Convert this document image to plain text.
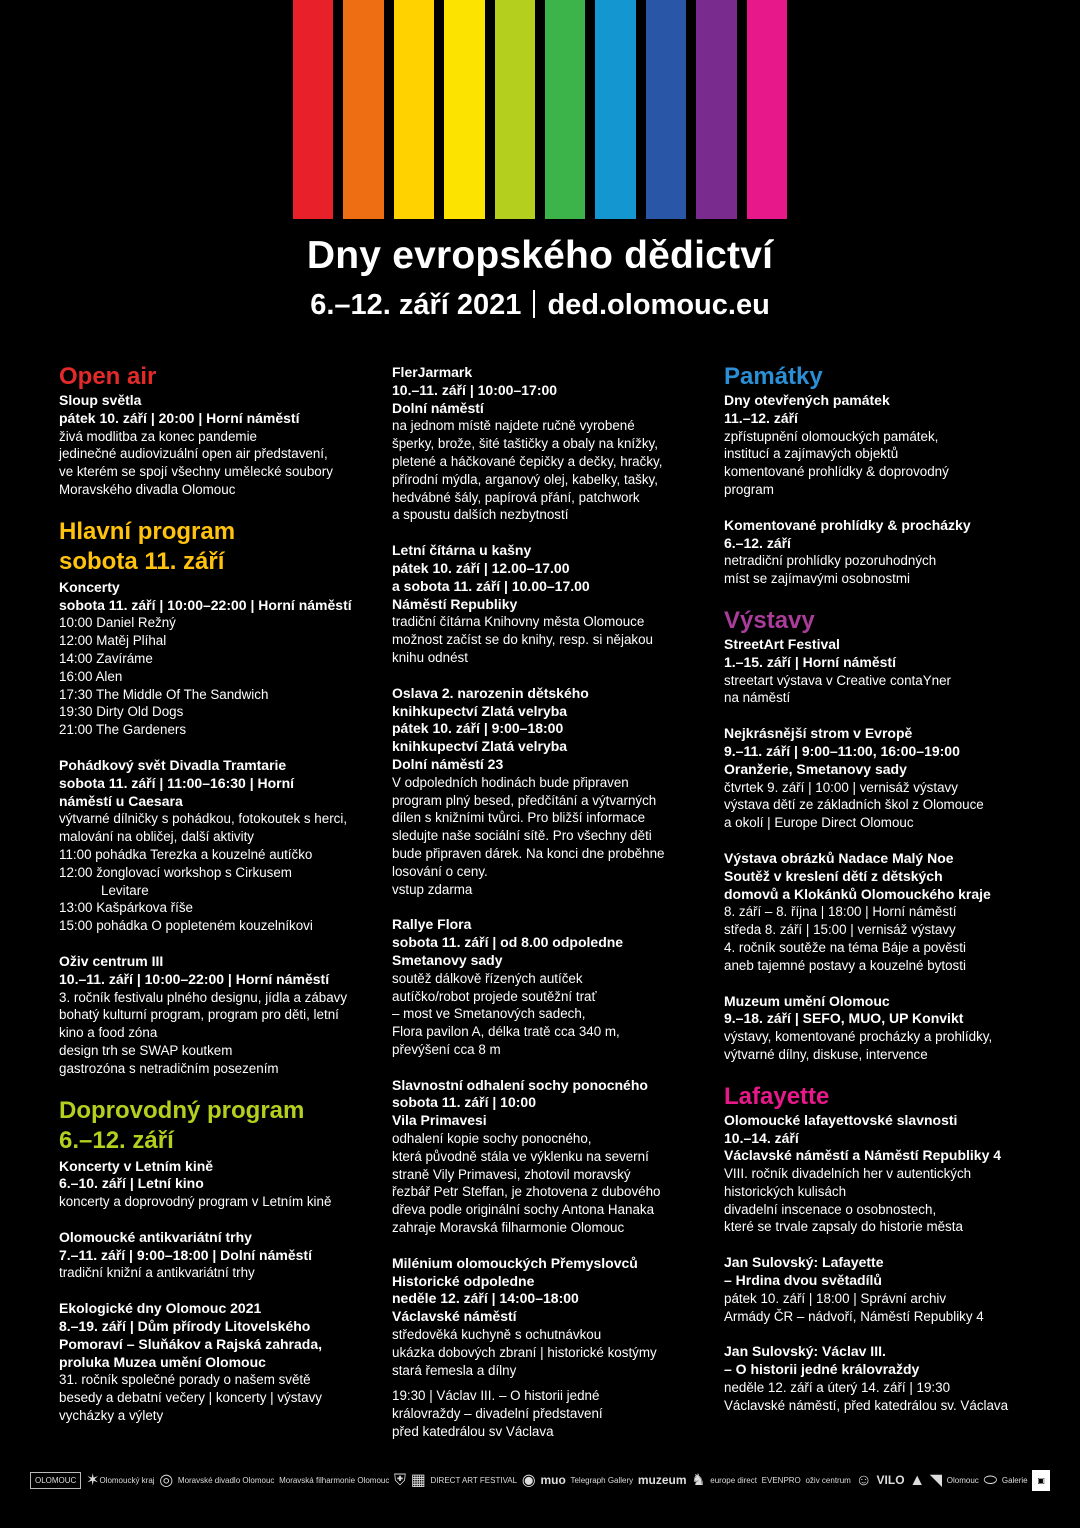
Dny evropského dědictví
6.–12. září 2021 ded.olomouc.eu
Open air
Sloup světla
pátek 10. září | 20:00 | Horní náměstí
živá modlitba za konec pandemie
jedinečné audiovizuální open air představení,
ve kterém se spojí všechny umělecké soubory
Moravského divadla Olomouc
Hlavní program
sobota 11. září
Koncerty
sobota 11. září | 10:00–22:00 | Horní náměstí
10:00 Daniel Režný
12:00 Matěj Plíhal
14:00 Zavíráme
16:00 Alen
17:30 The Middle Of The Sandwich
19:30 Dirty Old Dogs
21:00 The Gardeners
Pohádkový svět Divadla Tramtarie
sobota 11. září | 11:00–16:30 | Horní
náměstí u Caesara
výtvarné dílničky s pohádkou, fotokoutek s herci,
malování na obličej, další aktivity
11:00 pohádka Terezka a kouzelné autíčko
12:00 žonglovací workshop s Cirkusem
Levitare
13:00 Kašpárkova říše
15:00 pohádka O popleteném kouzelníkovi
Oživ centrum III
10.–11. září | 10:00–22:00 | Horní náměstí
3. ročník festivalu plného designu, jídla a zábavy
bohatý kulturní program, program pro děti, letní
kino a food zóna
design trh se SWAP koutkem
gastrozóna s netradičním posezením
Doprovodný program
6.–12. září
Koncerty v Letním kině
6.–10. září | Letní kino
koncerty a doprovodný program v Letním kině
Olomoucké antikvariátní trhy
7.–11. září | 9:00–18:00 | Dolní náměstí
tradiční knižní a antikvariátní trhy
Ekologické dny Olomouc 2021
8.–19. září | Dům přírody Litovelského
Pomoraví – Sluňákov a Rajská zahrada,
proluka Muzea umění Olomouc
31. ročník společné porady o našem světě
besedy a debatní večery | koncerty | výstavy
vycházky a výlety
FlerJarmark
10.–11. září | 10:00–17:00
Dolní náměstí
na jednom místě najdete ručně vyrobené
šperky, brože, šité taštičky a obaly na knížky,
pletené a háčkované čepičky a dečky, hračky,
přírodní mýdla, arganový olej, kabelky, tašky,
hedvábné šály, papírová přání, patchwork
a spoustu dalších nezbytností
Letní čítárna u kašny
pátek 10. září | 12.00–17.00
a sobota 11. září | 10.00–17.00
Náměstí Republiky
tradiční čítárna Knihovny města Olomouce
možnost začíst se do knihy, resp. si nějakou
knihu odnést
Oslava 2. narozenin dětského
knihkupectví Zlatá velryba
pátek 10. září | 9:00–18:00
knihkupectví Zlatá velryba
Dolní náměstí 23
V odpoledních hodinách bude připraven
program plný besed, předčítání a výtvarných
dílen s knižními tvůrci. Pro bližší informace
sledujte naše sociální sítě. Pro všechny děti
bude připraven dárek. Na konci dne proběhne
losování o ceny.
vstup zdarma
Rallye Flora
sobota 11. září | od 8.00 odpoledne
Smetanovy sady
soutěž dálkově řízených autíček
autíčko/robot projede soutěžní trať
– most ve Smetanových sadech,
Flora pavilon A, délka tratě cca 340 m,
převýšení cca 8 m
Slavnostní odhalení sochy ponocného
sobota 11. září | 10:00
Vila Primavesi
odhalení kopie sochy ponocného,
která původně stála ve výklenku na severní
straně Vily Primavesi, zhotovil moravský
řezbář Petr Steffan, je zhotovena z dubového
dřeva podle originální sochy Antona Hanaka
zahraje Moravská filharmonie Olomouc
Milénium olomouckých Přemyslovců
Historické odpoledne
neděle 12. září | 14:00–18:00
Václavské náměstí
středověká kuchyně s ochutnávkou
ukázka dobových zbraní | historické kostýmy
stará řemesla a dílny
19:30 | Václav III. – O historii jedné
královraždy – divadelní představení
před katedrálou sv Václava
Památky
Dny otevřených památek
11.–12. září
zpřístupnění olomouckých památek,
institucí a zajímavých objektů
komentované prohlídky & doprovodný
program
Komentované prohlídky & procházky
6.–12. září
netradiční prohlídky pozoruhodných
míst se zajímavými osobnostmi
Výstavy
StreetArt Festival
1.–15. září | Horní náměstí
streetart výstava v Creative contaYner
na náměstí
Nejkrásnější strom v Evropě
9.–11. září | 9:00–11:00, 16:00–19:00
Oranžerie, Smetanovy sady
čtvrtek 9. září | 10:00 | vernisáž výstavy
výstava dětí ze základních škol z Olomouce
a okolí | Europe Direct Olomouc
Výstava obrázků Nadace Malý Noe
Soutěž v kreslení dětí z dětských
domovů a Klokánků Olomouckého kraje
8. září – 8. října | 18:00 | Horní náměstí
středa 8. září | 15:00 | vernisáž výstavy
4. ročník soutěže na téma Báje a pověsti
aneb tajemné postavy a kouzelné bytosti
Muzeum umění Olomouc
9.–18. září | SEFO, MUO, UP Konvikt
výstavy, komentované procházky a prohlídky,
výtvarné dílny, diskuse, intervence
Lafayette
Olomoucké lafayettovské slavnosti
10.–14. září
Václavské náměstí a Náměstí Republiky 4
VIII. ročník divadelních her v autentických
historických kulisách
divadelní inscenace o osobnostech,
které se trvale zapsaly do historie města
Jan Sulovský: Lafayette
– Hrdina dvou světadílů
pátek 10. září | 18:00 | Správní archiv
Armády ČR – nádvoří, Náměstí Republiky 4
Jan Sulovský: Václav III.
– O historii jedné královraždy
neděle 12. září a úterý 14. září | 19:30
Václavské náměstí, před katedrálou sv. Václava
OLOMOUC ✶ Olomoucký kraj ◎ Moravské divadlo Olomouc Moravská filharmonie Olomouc ⛨ ▦ DIRECT ART FESTIVAL ◉ muo Telegraph Gallery muzeum ♞ europe direct EVENPRO oživ centrum ☺ VILO ▲ ◥ Olomouc ⬭ Galerie ▣
